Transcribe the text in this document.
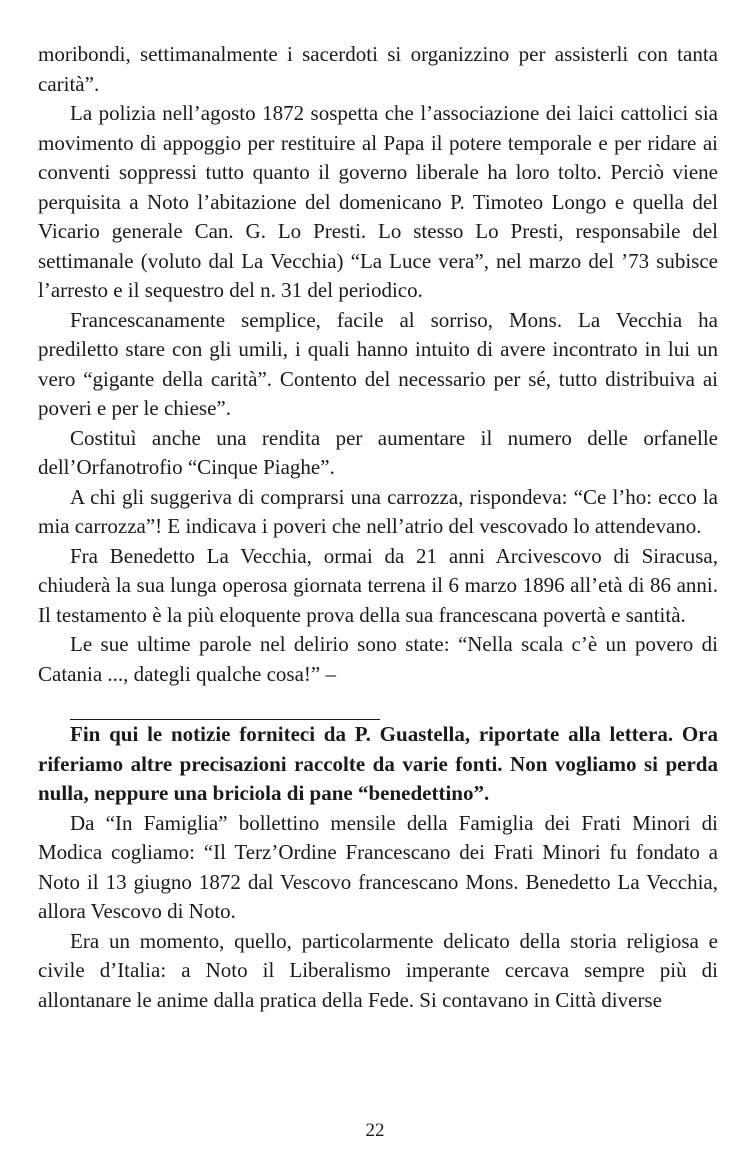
moribondi, settimanalmente i sacerdoti si organizzino per assisterli con tanta carità”.

La polizia nell’agosto 1872 sospetta che l’associazione dei laici cattolici sia movimento di appoggio per restituire al Papa il potere temporale e per ridare ai conventi soppressi tutto quanto il governo liberale ha loro tolto. Perciò viene perquisita a Noto l’abitazione del domenicano P. Timoteo Longo e quella del Vicario generale Can. G. Lo Presti. Lo stesso Lo Presti, responsabile del settimanale (voluto dal La Vecchia) “La Luce vera”, nel marzo del ’73 subisce l’arresto e il sequestro del n. 31 del periodico.

Francescanamente semplice, facile al sorriso, Mons. La Vecchia ha prediletto stare con gli umili, i quali hanno intuito di avere incontrato in lui un vero “gigante della carità”. Contento del necessario per sé, tutto distribuiva ai poveri e per le chiese”.

Costituì anche una rendita per aumentare il numero delle orfanelle dell’Orfanotrofio “Cinque Piaghe”.

A chi gli suggeriva di comprarsi una carrozza, rispondeva: “Ce l’ho: ecco la mia carrozza”! E indicava i poveri che nell’atrio del vescovado lo attendevano.

Fra Benedetto La Vecchia, ormai da 21 anni Arcivescovo di Siracusa, chiuderà la sua lunga operosa giornata terrena il 6 marzo 1896 all’età di 86 anni. Il testamento è la più eloquente prova della sua francescana povertà e santità.

Le sue ultime parole nel delirio sono state: “Nella scala c’è un povero di Catania ..., dategli qualche cosa!” –

Fin qui le notizie forniteci da P. Guastella, riportate alla lettera. Ora riferiamo altre precisazioni raccolte da varie fonti. Non vogliamo si perda nulla, neppure una briciola di pane “benedettino”.

Da “In Famiglia” bollettino mensile della Famiglia dei Frati Minori di Modica cogliamo: “Il Terz’Ordine Francescano dei Frati Minori fu fondato a Noto il 13 giugno 1872 dal Vescovo francescano Mons. Benedetto La Vecchia, allora Vescovo di Noto.

Era un momento, quello, particolarmente delicato della storia religiosa e civile d’Italia: a Noto il Liberalismo imperante cercava sempre più di allontanare le anime dalla pratica della Fede. Si contavano in Città diverse

22
